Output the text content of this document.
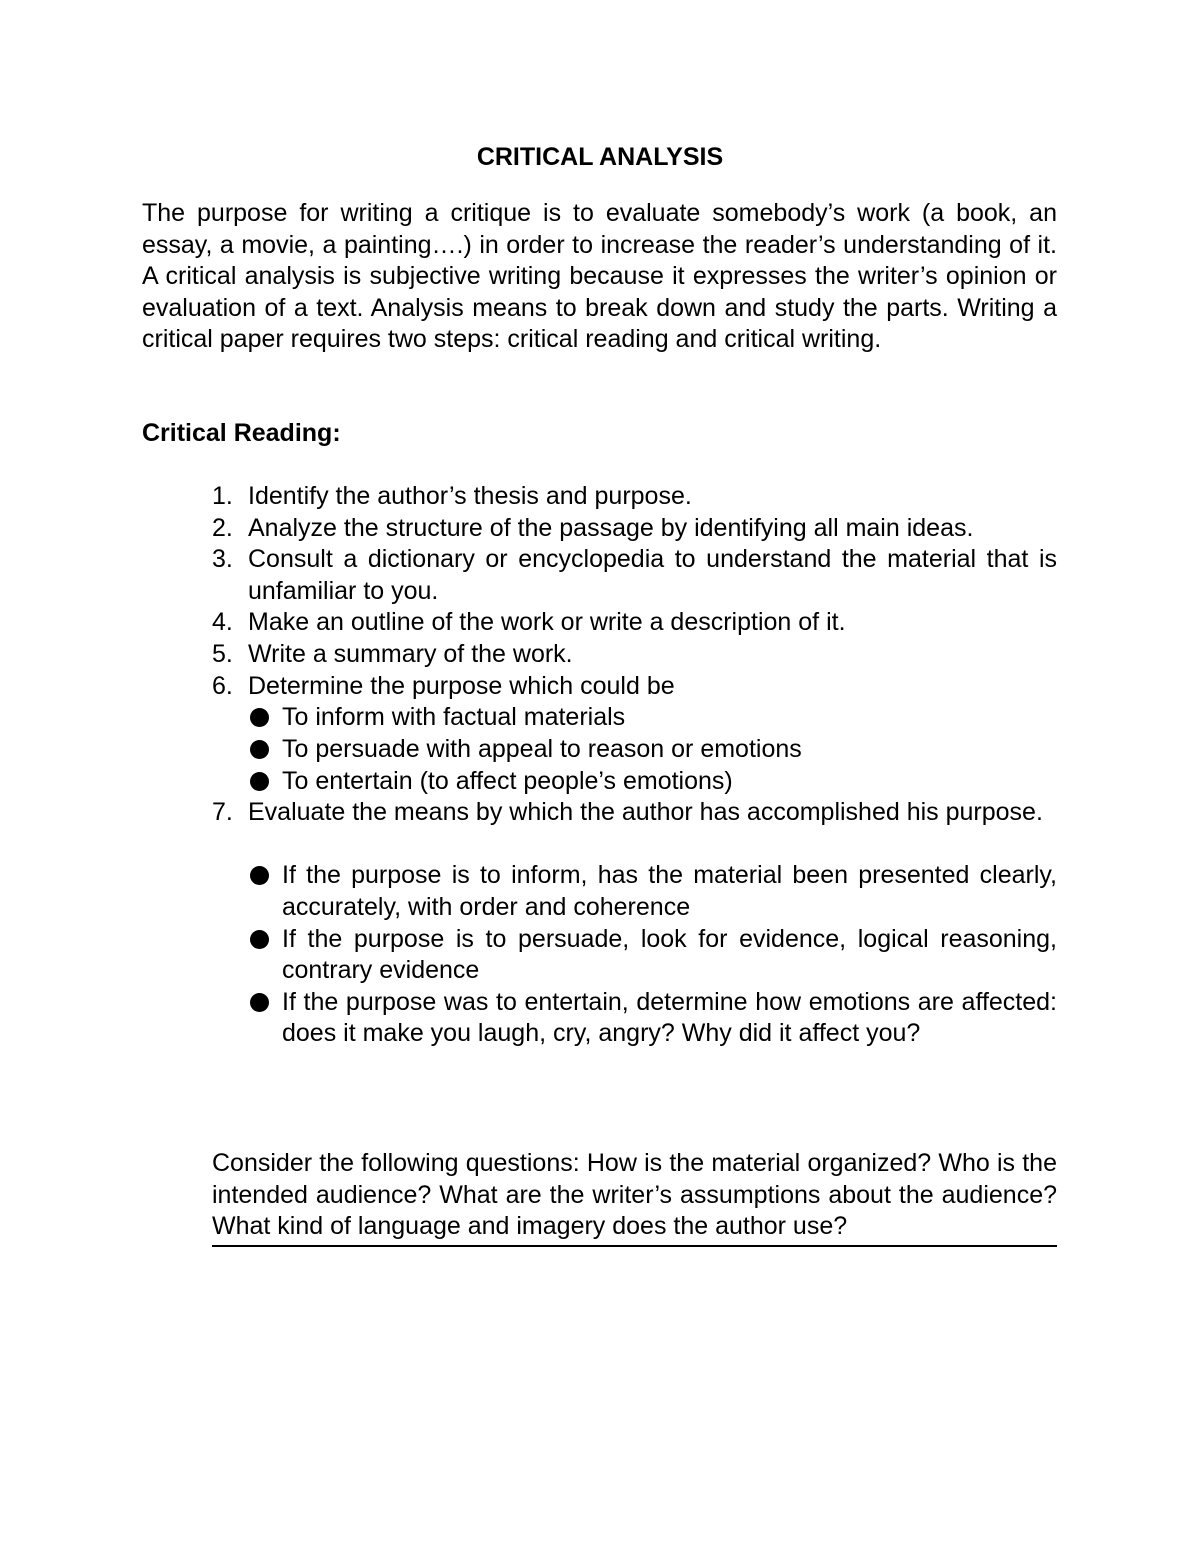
CRITICAL ANALYSIS

The purpose for writing a critique is to evaluate somebody’s work (a book, an essay, a movie, a painting….) in order to increase the reader’s understanding of it. A critical analysis is subjective writing because it expresses the writer’s opinion or evaluation of a text. Analysis means to break down and study the parts. Writing a critical paper requires two steps: critical reading and critical writing.

Critical Reading:

1. Identify the author’s thesis and purpose.
2. Analyze the structure of the passage by identifying all main ideas.
3. Consult a dictionary or encyclopedia to understand the material that is unfamiliar to you.
4. Make an outline of the work or write a description of it.
5. Write a summary of the work.
6. Determine the purpose which could be
To inform with factual materials
To persuade with appeal to reason or emotions
To entertain (to affect people’s emotions)
7. Evaluate the means by which the author has accomplished his purpose.
If the purpose is to inform, has the material been presented clearly, accurately, with order and coherence
If the purpose is to persuade, look for evidence, logical reasoning, contrary evidence
If the purpose was to entertain, determine how emotions are affected: does it make you laugh, cry, angry? Why did it affect you?

Consider the following questions: How is the material organized? Who is the intended audience? What are the writer’s assumptions about the audience? What kind of language and imagery does the author use?
